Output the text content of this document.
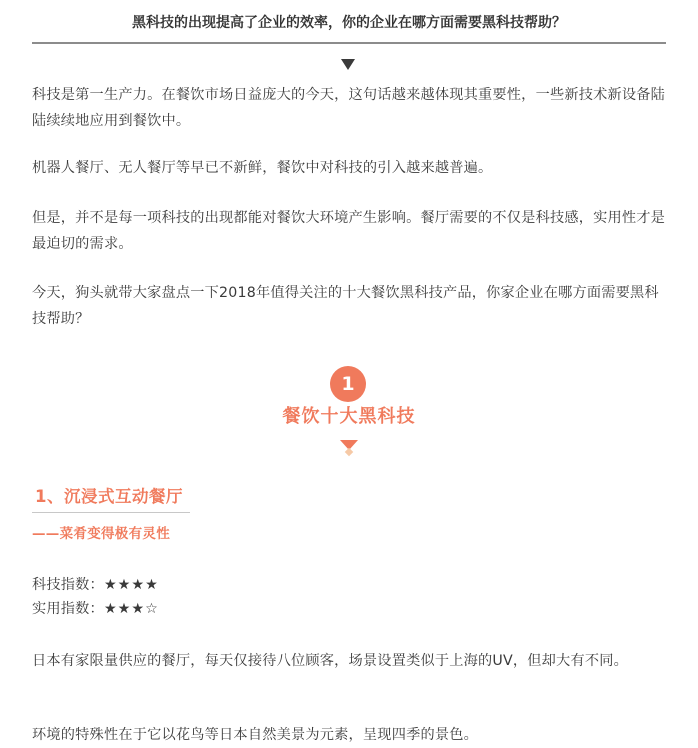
黑科技的出现提高了企业的效率，你的企业在哪方面需要黑科技帮助？
科技是第一生产力。在餐饮市场日益庞大的今天，这句话越来越体现其重要性，一些新技术新设备陆陆续续地应用到餐饮中。
机器人餐厅、无人餐厅等早已不新鲜，餐饮中对科技的引入越来越普遍。
但是，并不是每一项科技的出现都能对餐饮大环境产生影响。餐厅需要的不仅是科技感，实用性才是最迫切的需求。
今天，狗头就带大家盘点一下2018年值得关注的十大餐饮黑科技产品，你家企业在哪方面需要黑科技帮助？
1
餐饮十大黑科技
1、沉浸式互动餐厅
——菜肴变得极有灵性
科技指数：★★★★
实用指数：★★★☆
日本有家限量供应的餐厅，每天仅接待八位顾客，场景设置类似于上海的UV，但却大有不同。
环境的特殊性在于它以花鸟等日本自然美景为元素，呈现四季的景色。
